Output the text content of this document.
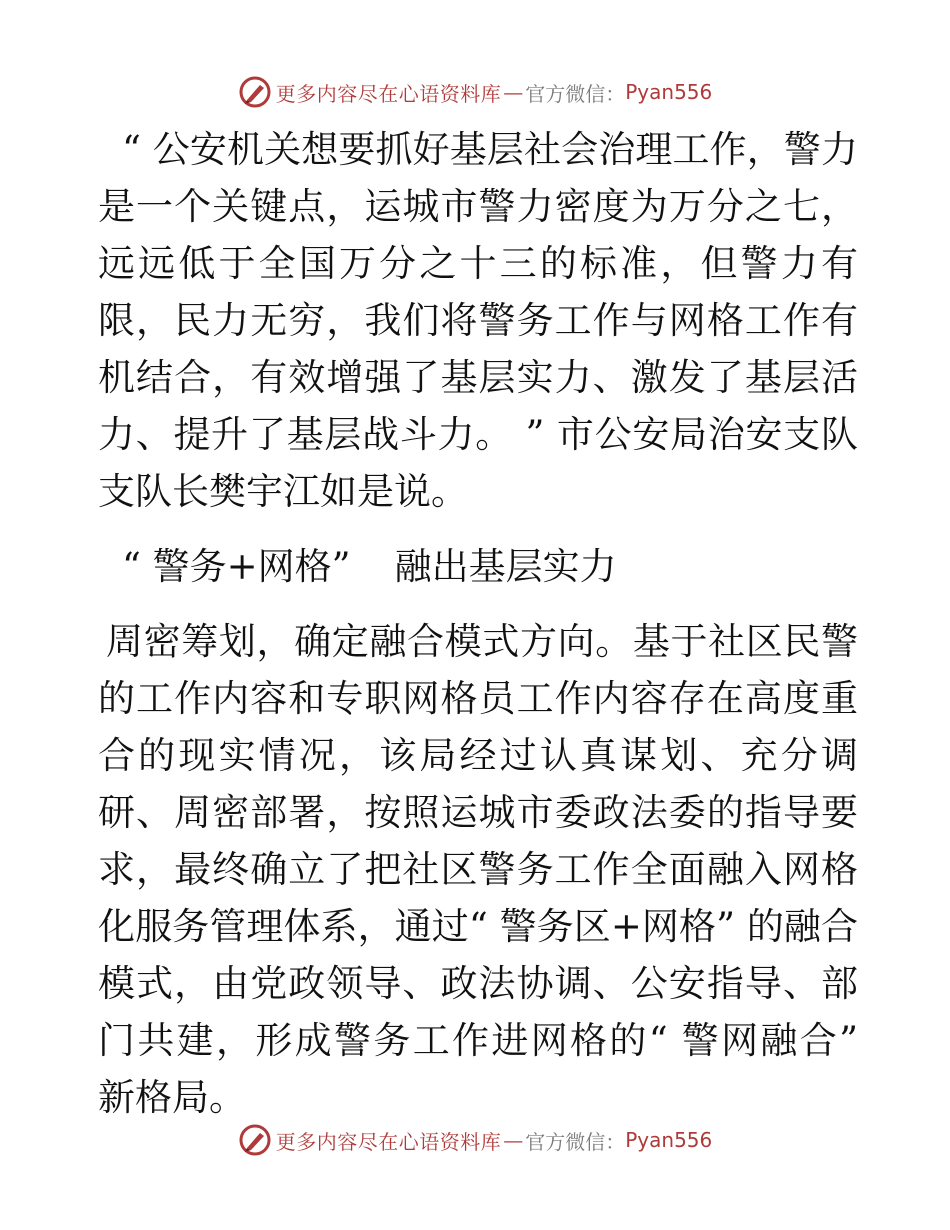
更多内容尽在心语资料库 — 官方微信： Pyan556

“ 公安机关想要抓好基层社会治理工作，警力是一个关键点，运城市警力密度为万分之七，远远低于全国万分之十三的标准，但警力有限，民力无穷，我们将警务工作与网格工作有机结合，有效增强了基层实力、激发了基层活力、提升了基层战斗力。 ” 市公安局治安支队支队长樊宇江如是说。

“ 警务+网格” 融出基层实力

周密筹划，确定融合模式方向。基于社区民警的工作内容和专职网格员工作内容存在高度重合的现实情况，该局经过认真谋划、充分调研、周密部署，按照运城市委政法委的指导要求，最终确立了把社区警务工作全面融入网格化服务管理体系，通过“ 警务区+网格” 的融合模式，由党政领导、政法协调、公安指导、部门共建，形成警务工作进网格的“ 警网融合” 新格局。

更多内容尽在心语资料库 — 官方微信： Pyan556
